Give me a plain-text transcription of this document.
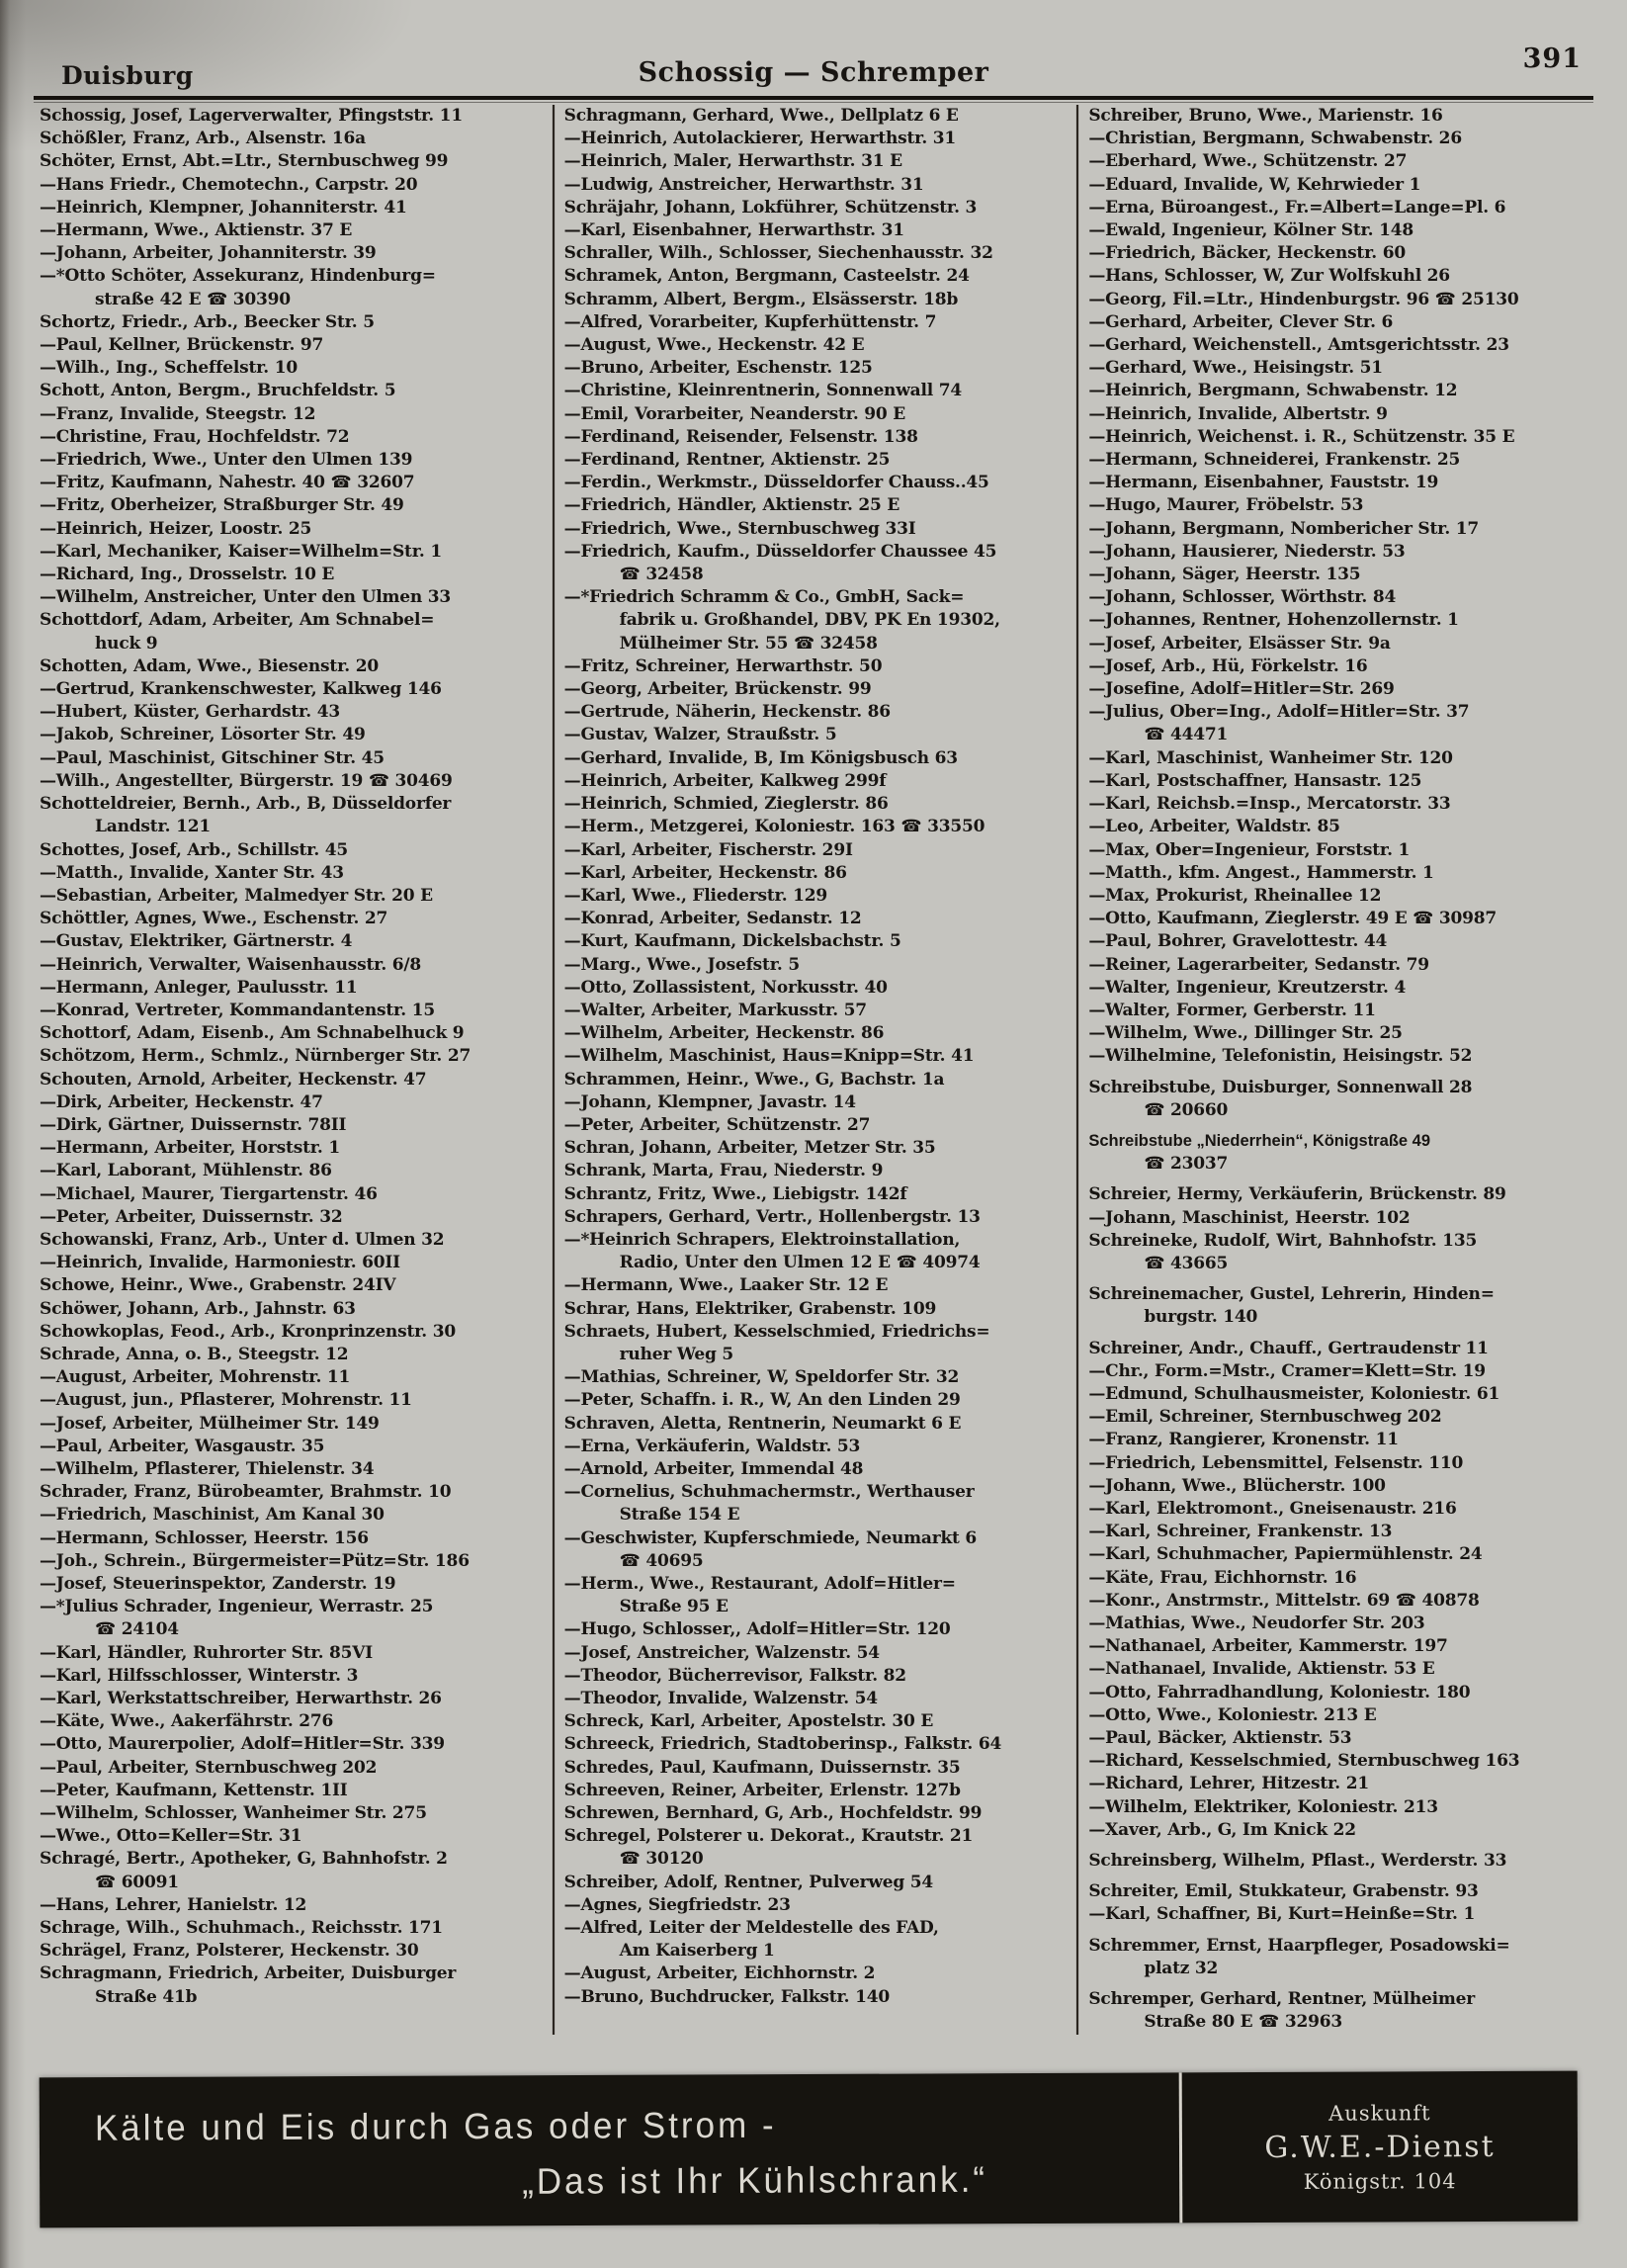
391
Duisburg	Schossig — Schremper
Schossig, Josef, Lagerverwalter, Pfingststr. 11
Schößler, Franz, Arb., Alsenstr. 16a
Schöter, Ernst, Abt.=Ltr., Sternbuschweg 99
—Hans Friedr., Chemotechn., Carpstr. 20
—Heinrich, Klempner, Johanniterstr. 41
—Hermann, Wwe., Aktienstr. 37 E
—Johann, Arbeiter, Johanniterstr. 39
—*Otto Schöter, Assekuranz, Hindenburg=
straße 42 E ☎ 30390
Schortz, Friedr., Arb., Beecker Str. 5
—Paul, Kellner, Brückenstr. 97
—Wilh., Ing., Scheffelstr. 10
Schott, Anton, Bergm., Bruchfeldstr. 5
—Franz, Invalide, Steegstr. 12
—Christine, Frau, Hochfeldstr. 72
—Friedrich, Wwe., Unter den Ulmen 139
—Fritz, Kaufmann, Nahestr. 40 ☎ 32607
—Fritz, Oberheizer, Straßburger Str. 49
—Heinrich, Heizer, Loostr. 25
—Karl, Mechaniker, Kaiser=Wilhelm=Str. 1
—Richard, Ing., Drosselstr. 10 E
—Wilhelm, Anstreicher, Unter den Ulmen 33
Schottdorf, Adam, Arbeiter, Am Schnabel=
huck 9
Schotten, Adam, Wwe., Biesenstr. 20
—Gertrud, Krankenschwester, Kalkweg 146
—Hubert, Küster, Gerhardstr. 43
—Jakob, Schreiner, Lösorter Str. 49
—Paul, Maschinist, Gitschiner Str. 45
—Wilh., Angestellter, Bürgerstr. 19 ☎ 30469
Schotteldreier, Bernh., Arb., B, Düsseldorfer
Landstr. 121
Schottes, Josef, Arb., Schillstr. 45
—Matth., Invalide, Xanter Str. 43
—Sebastian, Arbeiter, Malmedyer Str. 20 E
Schöttler, Agnes, Wwe., Eschenstr. 27
—Gustav, Elektriker, Gärtnerstr. 4
—Heinrich, Verwalter, Waisenhausstr. 6/8
—Hermann, Anleger, Paulusstr. 11
—Konrad, Vertreter, Kommandantenstr. 15
Schottorf, Adam, Eisenb., Am Schnabelhuck 9
Schötzom, Herm., Schmlz., Nürnberger Str. 27
Schouten, Arnold, Arbeiter, Heckenstr. 47
—Dirk, Arbeiter, Heckenstr. 47
—Dirk, Gärtner, Duissernstr. 78II
—Hermann, Arbeiter, Horststr. 1
—Karl, Laborant, Mühlenstr. 86
—Michael, Maurer, Tiergartenstr. 46
—Peter, Arbeiter, Duissernstr. 32
Schowanski, Franz, Arb., Unter d. Ulmen 32
—Heinrich, Invalide, Harmoniestr. 60II
Schowe, Heinr., Wwe., Grabenstr. 24IV
Schöwer, Johann, Arb., Jahnstr. 63
Schowkoplas, Feod., Arb., Kronprinzenstr. 30
Schrade, Anna, o. B., Steegstr. 12
—August, Arbeiter, Mohrenstr. 11
—August, jun., Pflasterer, Mohrenstr. 11
—Josef, Arbeiter, Mülheimer Str. 149
—Paul, Arbeiter, Wasgaustr. 35
—Wilhelm, Pflasterer, Thielenstr. 34
Schrader, Franz, Bürobeamter, Brahmstr. 10
—Friedrich, Maschinist, Am Kanal 30
—Hermann, Schlosser, Heerstr. 156
—Joh., Schrein., Bürgermeister=Pütz=Str. 186
—Josef, Steuerinspektor, Zanderstr. 19
—*Julius Schrader, Ingenieur, Werrastr. 25
☎ 24104
—Karl, Händler, Ruhrorter Str. 85VI
—Karl, Hilfsschlosser, Winterstr. 3
—Karl, Werkstattschreiber, Herwarthstr. 26
—Käte, Wwe., Aakerfährstr. 276
—Otto, Maurerpolier, Adolf=Hitler=Str. 339
—Paul, Arbeiter, Sternbuschweg 202
—Peter, Kaufmann, Kettenstr. 1II
—Wilhelm, Schlosser, Wanheimer Str. 275
—Wwe., Otto=Keller=Str. 31
Schragé, Bertr., Apotheker, G, Bahnhofstr. 2
☎ 60091
—Hans, Lehrer, Hanielstr. 12
Schrage, Wilh., Schuhmach., Reichsstr. 171
Schrägel, Franz, Polsterer, Heckenstr. 30
Schragmann, Friedrich, Arbeiter, Duisburger
Straße 41b
Schragmann, Gerhard, Wwe., Dellplatz 6 E
—Heinrich, Autolackierer, Herwarthstr. 31
—Heinrich, Maler, Herwarthstr. 31 E
—Ludwig, Anstreicher, Herwarthstr. 31
Schräjahr, Johann, Lokführer, Schützenstr. 3
—Karl, Eisenbahner, Herwarthstr. 31
Schraller, Wilh., Schlosser, Siechenhausstr. 32
Schramek, Anton, Bergmann, Casteelstr. 24
Schramm, Albert, Bergm., Elsässerstr. 18b
—Alfred, Vorarbeiter, Kupferhüttenstr. 7
—August, Wwe., Heckenstr. 42 E
—Bruno, Arbeiter, Eschenstr. 125
—Christine, Kleinrentnerin, Sonnenwall 74
—Emil, Vorarbeiter, Neanderstr. 90 E
—Ferdinand, Reisender, Felsenstr. 138
—Ferdinand, Rentner, Aktienstr. 25
—Ferdin., Werkmstr., Düsseldorfer Chauss..45
—Friedrich, Händler, Aktienstr. 25 E
—Friedrich, Wwe., Sternbuschweg 33I
—Friedrich, Kaufm., Düsseldorfer Chaussee 45
☎ 32458
—*Friedrich Schramm & Co., GmbH, Sack=
fabrik u. Großhandel, DBV, PK En 19302,
Mülheimer Str. 55 ☎ 32458
—Fritz, Schreiner, Herwarthstr. 50
—Georg, Arbeiter, Brückenstr. 99
—Gertrude, Näherin, Heckenstr. 86
—Gustav, Walzer, Straußstr. 5
—Gerhard, Invalide, B, Im Königsbusch 63
—Heinrich, Arbeiter, Kalkweg 299f
—Heinrich, Schmied, Zieglerstr. 86
—Herm., Metzgerei, Koloniestr. 163 ☎ 33550
—Karl, Arbeiter, Fischerstr. 29I
—Karl, Arbeiter, Heckenstr. 86
—Karl, Wwe., Fliederstr. 129
—Konrad, Arbeiter, Sedanstr. 12
—Kurt, Kaufmann, Dickelsbachstr. 5
—Marg., Wwe., Josefstr. 5
—Otto, Zollassistent, Norkusstr. 40
—Walter, Arbeiter, Markusstr. 57
—Wilhelm, Arbeiter, Heckenstr. 86
—Wilhelm, Maschinist, Haus=Knipp=Str. 41
Schrammen, Heinr., Wwe., G, Bachstr. 1a
—Johann, Klempner, Javastr. 14
—Peter, Arbeiter, Schützenstr. 27
Schran, Johann, Arbeiter, Metzer Str. 35
Schrank, Marta, Frau, Niederstr. 9
Schrantz, Fritz, Wwe., Liebigstr. 142f
Schrapers, Gerhard, Vertr., Hollenbergstr. 13
—*Heinrich Schrapers, Elektroinstallation,
Radio, Unter den Ulmen 12 E ☎ 40974
—Hermann, Wwe., Laaker Str. 12 E
Schrar, Hans, Elektriker, Grabenstr. 109
Schraets, Hubert, Kesselschmied, Friedrichs=
ruher Weg 5
—Mathias, Schreiner, W, Speldorfer Str. 32
—Peter, Schaffn. i. R., W, An den Linden 29
Schraven, Aletta, Rentnerin, Neumarkt 6 E
—Erna, Verkäuferin, Waldstr. 53
—Arnold, Arbeiter, Immendal 48
—Cornelius, Schuhmachermstr., Werthauser
Straße 154 E
—Geschwister, Kupferschmiede, Neumarkt 6
☎ 40695
—Herm., Wwe., Restaurant, Adolf=Hitler=
Straße 95 E
—Hugo, Schlosser,, Adolf=Hitler=Str. 120
—Josef, Anstreicher, Walzenstr. 54
—Theodor, Bücherrevisor, Falkstr. 82
—Theodor, Invalide, Walzenstr. 54
Schreck, Karl, Arbeiter, Apostelstr. 30 E
Schreeck, Friedrich, Stadtoberinsp., Falkstr. 64
Schredes, Paul, Kaufmann, Duissernstr. 35
Schreeven, Reiner, Arbeiter, Erlenstr. 127b
Schrewen, Bernhard, G, Arb., Hochfeldstr. 99
Schregel, Polsterer u. Dekorat., Krautstr. 21
☎ 30120
Schreiber, Adolf, Rentner, Pulverweg 54
—Agnes, Siegfriedstr. 23
—Alfred, Leiter der Meldestelle des FAD,
Am Kaiserberg 1
—August, Arbeiter, Eichhornstr. 2
—Bruno, Buchdrucker, Falkstr. 140
Schreiber, Bruno, Wwe., Marienstr. 16
—Christian, Bergmann, Schwabenstr. 26
—Eberhard, Wwe., Schützenstr. 27
—Eduard, Invalide, W, Kehrwieder 1
—Erna, Büroangest., Fr.=Albert=Lange=Pl. 6
—Ewald, Ingenieur, Kölner Str. 148
—Friedrich, Bäcker, Heckenstr. 60
—Hans, Schlosser, W, Zur Wolfskuhl 26
—Georg, Fil.=Ltr., Hindenburgstr. 96 ☎ 25130
—Gerhard, Arbeiter, Clever Str. 6
—Gerhard, Weichenstell., Amtsgerichtsstr. 23
—Gerhard, Wwe., Heisingstr. 51
—Heinrich, Bergmann, Schwabenstr. 12
—Heinrich, Invalide, Albertstr. 9
—Heinrich, Weichenst. i. R., Schützenstr. 35 E
—Hermann, Schneiderei, Frankenstr. 25
—Hermann, Eisenbahner, Fauststr. 19
—Hugo, Maurer, Fröbelstr. 53
—Johann, Bergmann, Nombericher Str. 17
—Johann, Hausierer, Niederstr. 53
—Johann, Säger, Heerstr. 135
—Johann, Schlosser, Wörthstr. 84
—Johannes, Rentner, Hohenzollernstr. 1
—Josef, Arbeiter, Elsässer Str. 9a
—Josef, Arb., Hü, Förkelstr. 16
—Josefine, Adolf=Hitler=Str. 269
—Julius, Ober=Ing., Adolf=Hitler=Str. 37
☎ 44471
—Karl, Maschinist, Wanheimer Str. 120
—Karl, Postschaffner, Hansastr. 125
—Karl, Reichsb.=Insp., Mercatorstr. 33
—Leo, Arbeiter, Waldstr. 85
—Max, Ober=Ingenieur, Forststr. 1
—Matth., kfm. Angest., Hammerstr. 1
—Max, Prokurist, Rheinallee 12
—Otto, Kaufmann, Zieglerstr. 49 E ☎ 30987
—Paul, Bohrer, Gravelottestr. 44
—Reiner, Lagerarbeiter, Sedanstr. 79
—Walter, Ingenieur, Kreutzerstr. 4
—Walter, Former, Gerberstr. 11
—Wilhelm, Wwe., Dillinger Str. 25
—Wilhelmine, Telefonistin, Heisingstr. 52
Schreibstube, Duisburger, Sonnenwall 28
☎ 20660
Schreibstube „Niederrhein“, Königstraße 49
☎ 23037
Schreier, Hermy, Verkäuferin, Brückenstr. 89
—Johann, Maschinist, Heerstr. 102
Schreineke, Rudolf, Wirt, Bahnhofstr. 135
☎ 43665
Schreinemacher, Gustel, Lehrerin, Hinden=
burgstr. 140
Schreiner, Andr., Chauff., Gertraudenstr 11
—Chr., Form.=Mstr., Cramer=Klett=Str. 19
—Edmund, Schulhausmeister, Koloniestr. 61
—Emil, Schreiner, Sternbuschweg 202
—Franz, Rangierer, Kronenstr. 11
—Friedrich, Lebensmittel, Felsenstr. 110
—Johann, Wwe., Blücherstr. 100
—Karl, Elektromont., Gneisenaustr. 216
—Karl, Schreiner, Frankenstr. 13
—Karl, Schuhmacher, Papiermühlenstr. 24
—Käte, Frau, Eichhornstr. 16
—Konr., Anstrmstr., Mittelstr. 69 ☎ 40878
—Mathias, Wwe., Neudorfer Str. 203
—Nathanael, Arbeiter, Kammerstr. 197
—Nathanael, Invalide, Aktienstr. 53 E
—Otto, Fahrradhandlung, Koloniestr. 180
—Otto, Wwe., Koloniestr. 213 E
—Paul, Bäcker, Aktienstr. 53
—Richard, Kesselschmied, Sternbuschweg 163
—Richard, Lehrer, Hitzestr. 21
—Wilhelm, Elektriker, Koloniestr. 213
—Xaver, Arb., G, Im Knick 22
Schreinsberg, Wilhelm, Pflast., Werderstr. 33
Schreiter, Emil, Stukkateur, Grabenstr. 93
—Karl, Schaffner, Bi, Kurt=Heinße=Str. 1
Schremmer, Ernst, Haarpfleger, Posadowski=
platz 32
Schremper, Gerhard, Rentner, Mülheimer
Straße 80 E ☎ 32963
Kälte und Eis durch Gas oder Strom -
„Das ist Ihr Kühlschrank.“
Auskunft
G.W.E.-Dienst
Königstr. 104
